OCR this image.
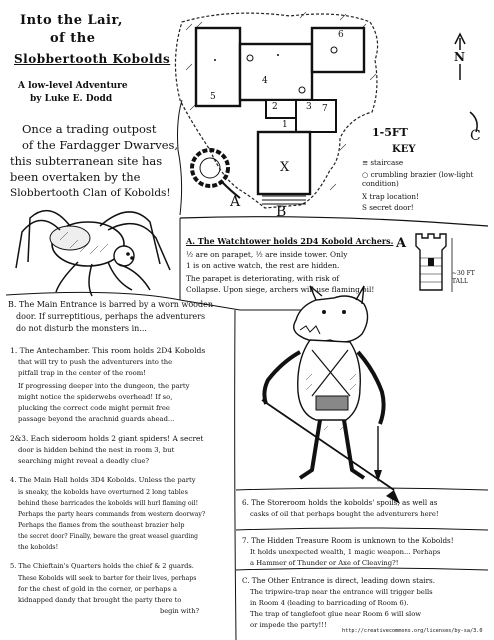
Into the Lair,
of the
Slobbertooth Kobolds
A low-level Adventure
by Luke E. Dodd
Once a trading outpost
of the Fardagger Dwarves,
this subterranean site has
been overtaken by the
Slobbertooth Clan of Kobolds!
1
2	3
4
5
6
7
X
B
A
C
N
1-5FT
KEY
≡ staircase
○ crumbling brazier (low-light condition)
X trap location!
S secret door!
A
~30 FT TALL
A. The Watchtower holds 2D4 Kobold Archers.
½ are on parapet, ½ are inside tower. Only
1 is on active watch, the rest are hidden.
The parapet is deteriorating, with risk of
Collapse. Upon siege, archers will use flaming oil!
B. The Main Entrance is barred by a worn wooden
door. If surreptitious, perhaps the adventurers
do not disturb the monsters in...
1. The Antechamber. This room holds 2D4 Kobolds
that will try to push the adventurers into the
pitfall trap in the center of the room!
If progressing deeper into the dungeon, the party
might notice the spiderwebs overhead! If so,
plucking the correct code might permit free
passage beyond the arachnid guards ahead...
2&3. Each sideroom holds 2 giant spiders! A secret
door is hidden behind the nest in room 3, but
searching might reveal a deadly clue?
4. The Main Hall holds 3D4 Kobolds. Unless the party
is sneaky, the kobolds have overturned 2 long tables
behind these barricades the kobolds will hurl flaming oil!
Perhaps the party hears commands from western doorway?
Perhaps the flames from the southeast brazier help
the secret door? Finally, beware the great weasel guarding
the kobolds!
5. The Chieftain's Quarters holds the chief & 2 guards.
These Kobolds will seek to barter for their lives, perhaps
for the chest of gold in the corner, or perhaps a
kidnapped dandy that brought the party there to
begin with?
6. The Storeroom holds the kobolds' spoils, as well as
casks of oil that perhaps bought the adventurers here!
7. The Hidden Treasure Room is unknown to the Kobolds!
It holds unexpected wealth, 1 magic weapon... Perhaps
a Hammer of Thunder or Axe of Cleaving?!
C. The Other Entrance is direct, leading down stairs.
The tripwire-trap near the entrance will trigger bells
in Room 4 (leading to barricading of Room 6).
The trap of tanglefoot glue near Room 6 will slow
or impede the party!!!
http://creativecommons.org/licenses/by-sa/3.0
